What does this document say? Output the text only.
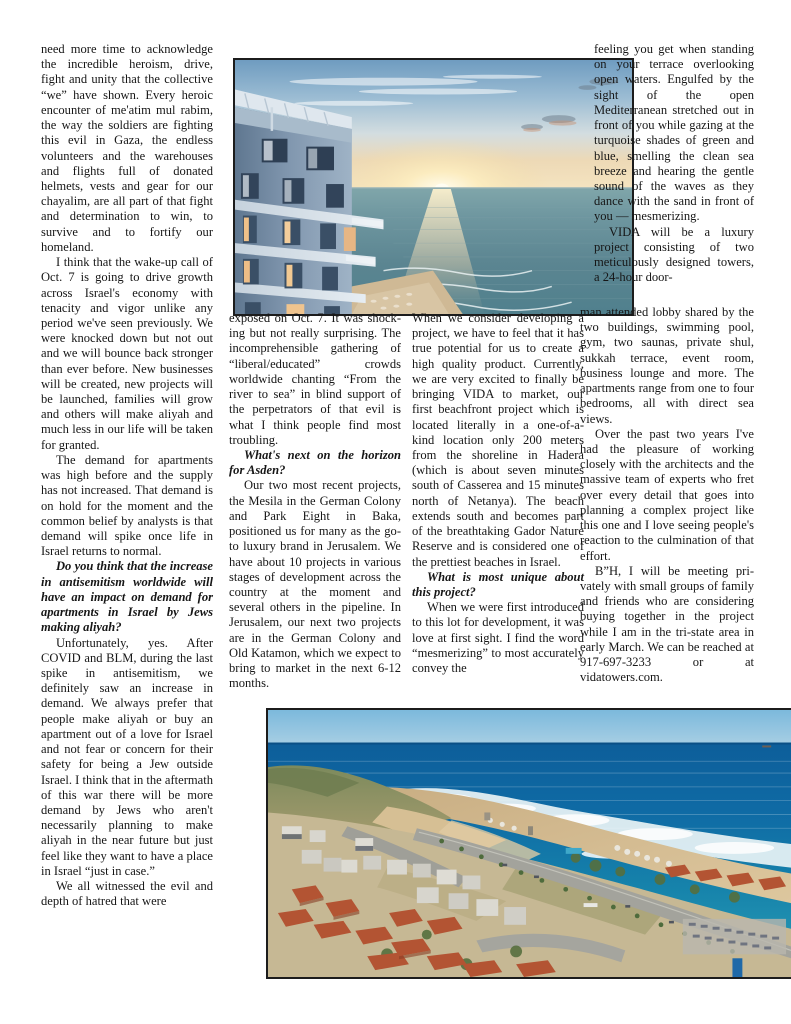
need more time to acknowledge the incredible heroism, drive, fight and unity that the collective “we” have shown. Every heroic encounter of me'atim mul rabim, the way the soldiers are fighting this evil in Gaza, the endless volunteers and the warehouses and flights full of donated helmets, vests and gear for our chayalim, are all part of that fight and determination to win, to survive and to fortify our homeland.

I think that the wake-up call of Oct. 7 is going to drive growth across Israel's economy with tenacity and vigor unlike any period we've seen previously. We were knocked down but not out and we will bounce back stronger than ever before. New businesses will be created, new projects will be launched, families will grow and others will make aliyah and much less in our life will be taken for granted.

The demand for apartments was high before and the supply has not increased. That demand is on hold for the moment and the common belief by analysts is that demand will spike once life in Israel returns to normal.

Do you think that the increase in antisemitism worldwide will have an impact on demand for apartments in Israel by Jews making aliyah?

Unfortunately, yes. After COVID and BLM, during the last spike in antisemitism, we definitely saw an increase in demand. We always prefer that people make aliyah or buy an apartment out of a love for Israel and not fear or concern for their safety for being a Jew outside Israel. I think that in the aftermath of this war there will be more demand by Jews who aren't necessarily planning to make aliyah in the near future but just feel like they want to have a place in Israel “just in case.”

We all witnessed the evil and depth of hatred that were

exposed on Oct. 7. It was shocking but not really surprising. The incomprehensible gathering of “liberal/educated” crowds worldwide chanting “From the river to sea” in blind support of the perpetrators of that evil is what I think people find most troubling.

What's next on the horizon for Asden?

Our two most recent projects, the Mesila in the German Colony and Park Eight in Baka, positioned us for many as the go-to luxury brand in Jerusalem. We have about 10 projects in various stages of development across the country at the moment and several others in the pipeline. In Jerusalem, our next two projects are in the German Colony and Old Katamon, which we expect to bring to market in the next 6-12 months.

When we consider developing a project, we have to feel that it has true potential for us to create a high quality product. Currently, we are very excited to finally be bringing VIDA to market, our first beachfront project which is located literally in a one-of-a-kind location only 200 meters from the shoreline in Hadera (which is about seven minutes south of Casserea and 15 minutes north of Netanya). The beach extends south and becomes part of the breathtaking Gador Nature Reserve and is considered one of the prettiest beaches in Israel.

What is most unique about this project?

When we were first introduced to this lot for development, it was love at first sight. I find the word “mesmerizing” to most accurately convey the

feeling you get when standing on your terrace overlooking open waters. Engulfed by the sight of the open Mediterranean stretched out in front of you while gazing at the turquoise shades of green and blue, smelling the clean sea breeze and hearing the gentle sound of the waves as they dance with the sand in front of you — mesmerizing.

VIDA will be a luxury project consisting of two meticulously designed towers, a 24-hour door-

man attended lobby shared by the two buildings, swimming pool, gym, two saunas, private shul, sukkah terrace, event room, business lounge and more. The apartments range from one to four bedrooms, all with direct sea views.

Over the past two years I've had the pleasure of working closely with the architects and the massive team of experts who fret over every detail that goes into planning a complex project like this one and I love seeing people's reaction to the culmination of that effort.

B”H, I will be meeting privately with small groups of family and friends who are considering buying together in the project while I am in the tri-state area in early March. We can be reached at 917-697-3233 or at vidatowers.com.
